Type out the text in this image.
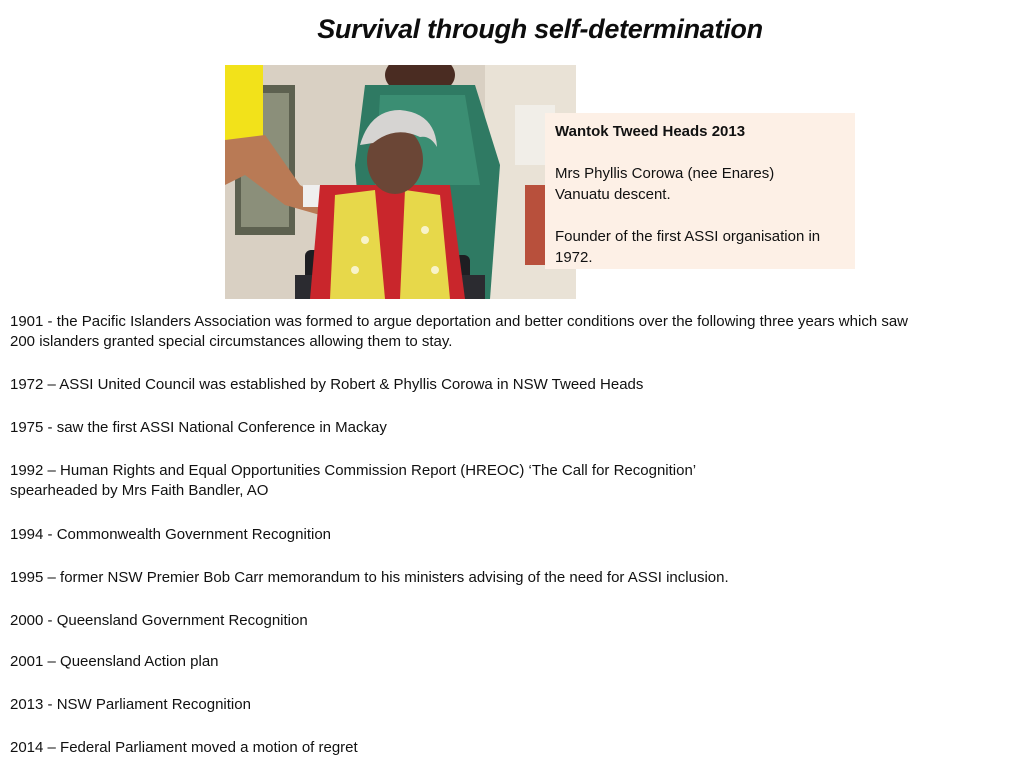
Survival through self-determination

Wantok Tweed Heads 2013

Mrs Phyllis Corowa (nee Enares)

Vanuatu descent.

Founder of the first ASSI organisation in

1972.

1901 - the Pacific Islanders Association was formed to argue deportation and better conditions over the following three years which saw
200 islanders granted special circumstances allowing them to stay.
1972 – ASSI United Council was established by Robert & Phyllis Corowa in NSW Tweed Heads
1975 - saw the first ASSI National Conference in Mackay
1992 – Human Rights and Equal Opportunities Commission Report (HREOC) ‘The Call for Recognition’
spearheaded by Mrs Faith Bandler, AO
1994 - Commonwealth Government Recognition
1995 – former NSW Premier Bob Carr memorandum to his ministers advising of the need for ASSI inclusion.
2000 - Queensland Government Recognition
2001 – Queensland Action plan
2013 - NSW Parliament Recognition
2014 – Federal Parliament moved a motion of regret
